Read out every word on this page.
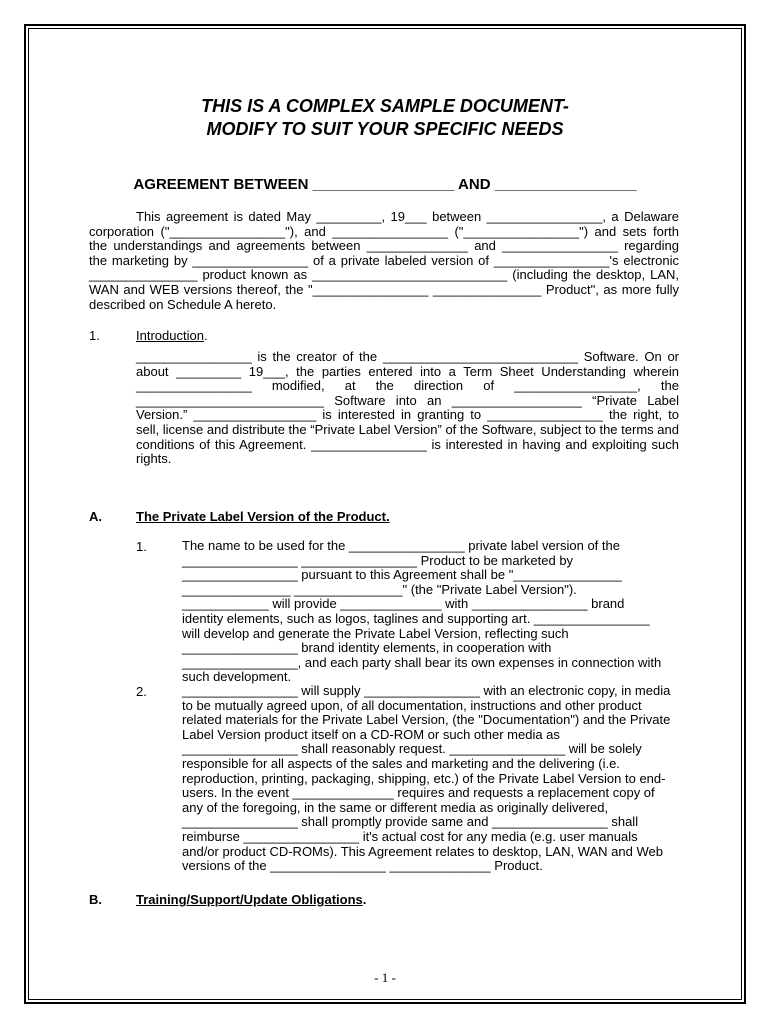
THIS IS A COMPLEX SAMPLE DOCUMENT-
MODIFY TO SUIT YOUR SPECIFIC NEEDS
AGREEMENT BETWEEN _________________ AND _________________

This agreement is dated May _________, 19___ between ________________, a Delaware corporation ("________________"), and ________________ ("________________") and sets forth the understandings and agreements between ______________ and ________________ regarding the marketing by ________________ of a private labeled version of ________________'s electronic _______________ product known as ___________________________ (including the desktop, LAN, WAN and WEB versions thereof, the "________________ _______________ Product", as more fully described on Schedule A hereto.

1.	Introduction.

________________ is the creator of the ___________________________ Software. On or about _________ 19___, the parties entered into a Term Sheet Understanding wherein ________________ modified, at the direction of _________________, the __________________________ Software into an __________________ “Private Label Version.” _________________ is interested in granting to ________________ the right, to sell, license and distribute the “Private Label Version” of the Software, subject to the terms and conditions of this Agreement. ________________ is interested in having and exploiting such rights.

A.	The Private Label Version of the Product.
1.	The name to be used for the ________________ private label version of the ________________ ________________ Product to be marketed by ________________ pursuant to this Agreement shall be "_______________ _______________ _______________" (the "Private Label Version"). ____________ will provide ______________ with ________________ brand identity elements, such as logos, taglines and supporting art. ________________ will develop and generate the Private Label Version, reflecting such ________________ brand identity elements, in cooperation with ________________, and each party shall bear its own expenses in connection with such development.

2.	________________ will supply ________________ with an electronic copy, in media to be mutually agreed upon, of all documentation, instructions and other product related materials for the Private Label Version, (the "Documentation") and the Private Label Version product itself on a CD-ROM or such other media as ________________ shall reasonably request. ________________ will be solely responsible for all aspects of the sales and marketing and the delivering (i.e. reproduction, printing, packaging, shipping, etc.) of the Private Label Version to end-users. In the event ______________ requires and requests a replacement copy of any of the foregoing, in the same or different media as originally delivered, ________________ shall promptly provide same and ________________ shall reimburse ________________ it's actual cost for any media (e.g. user manuals and/or product CD-ROMs). This Agreement relates to desktop, LAN, WAN and Web versions of the ________________ ______________ Product.

B.	Training/Support/Update Obligations.
- 1 -
